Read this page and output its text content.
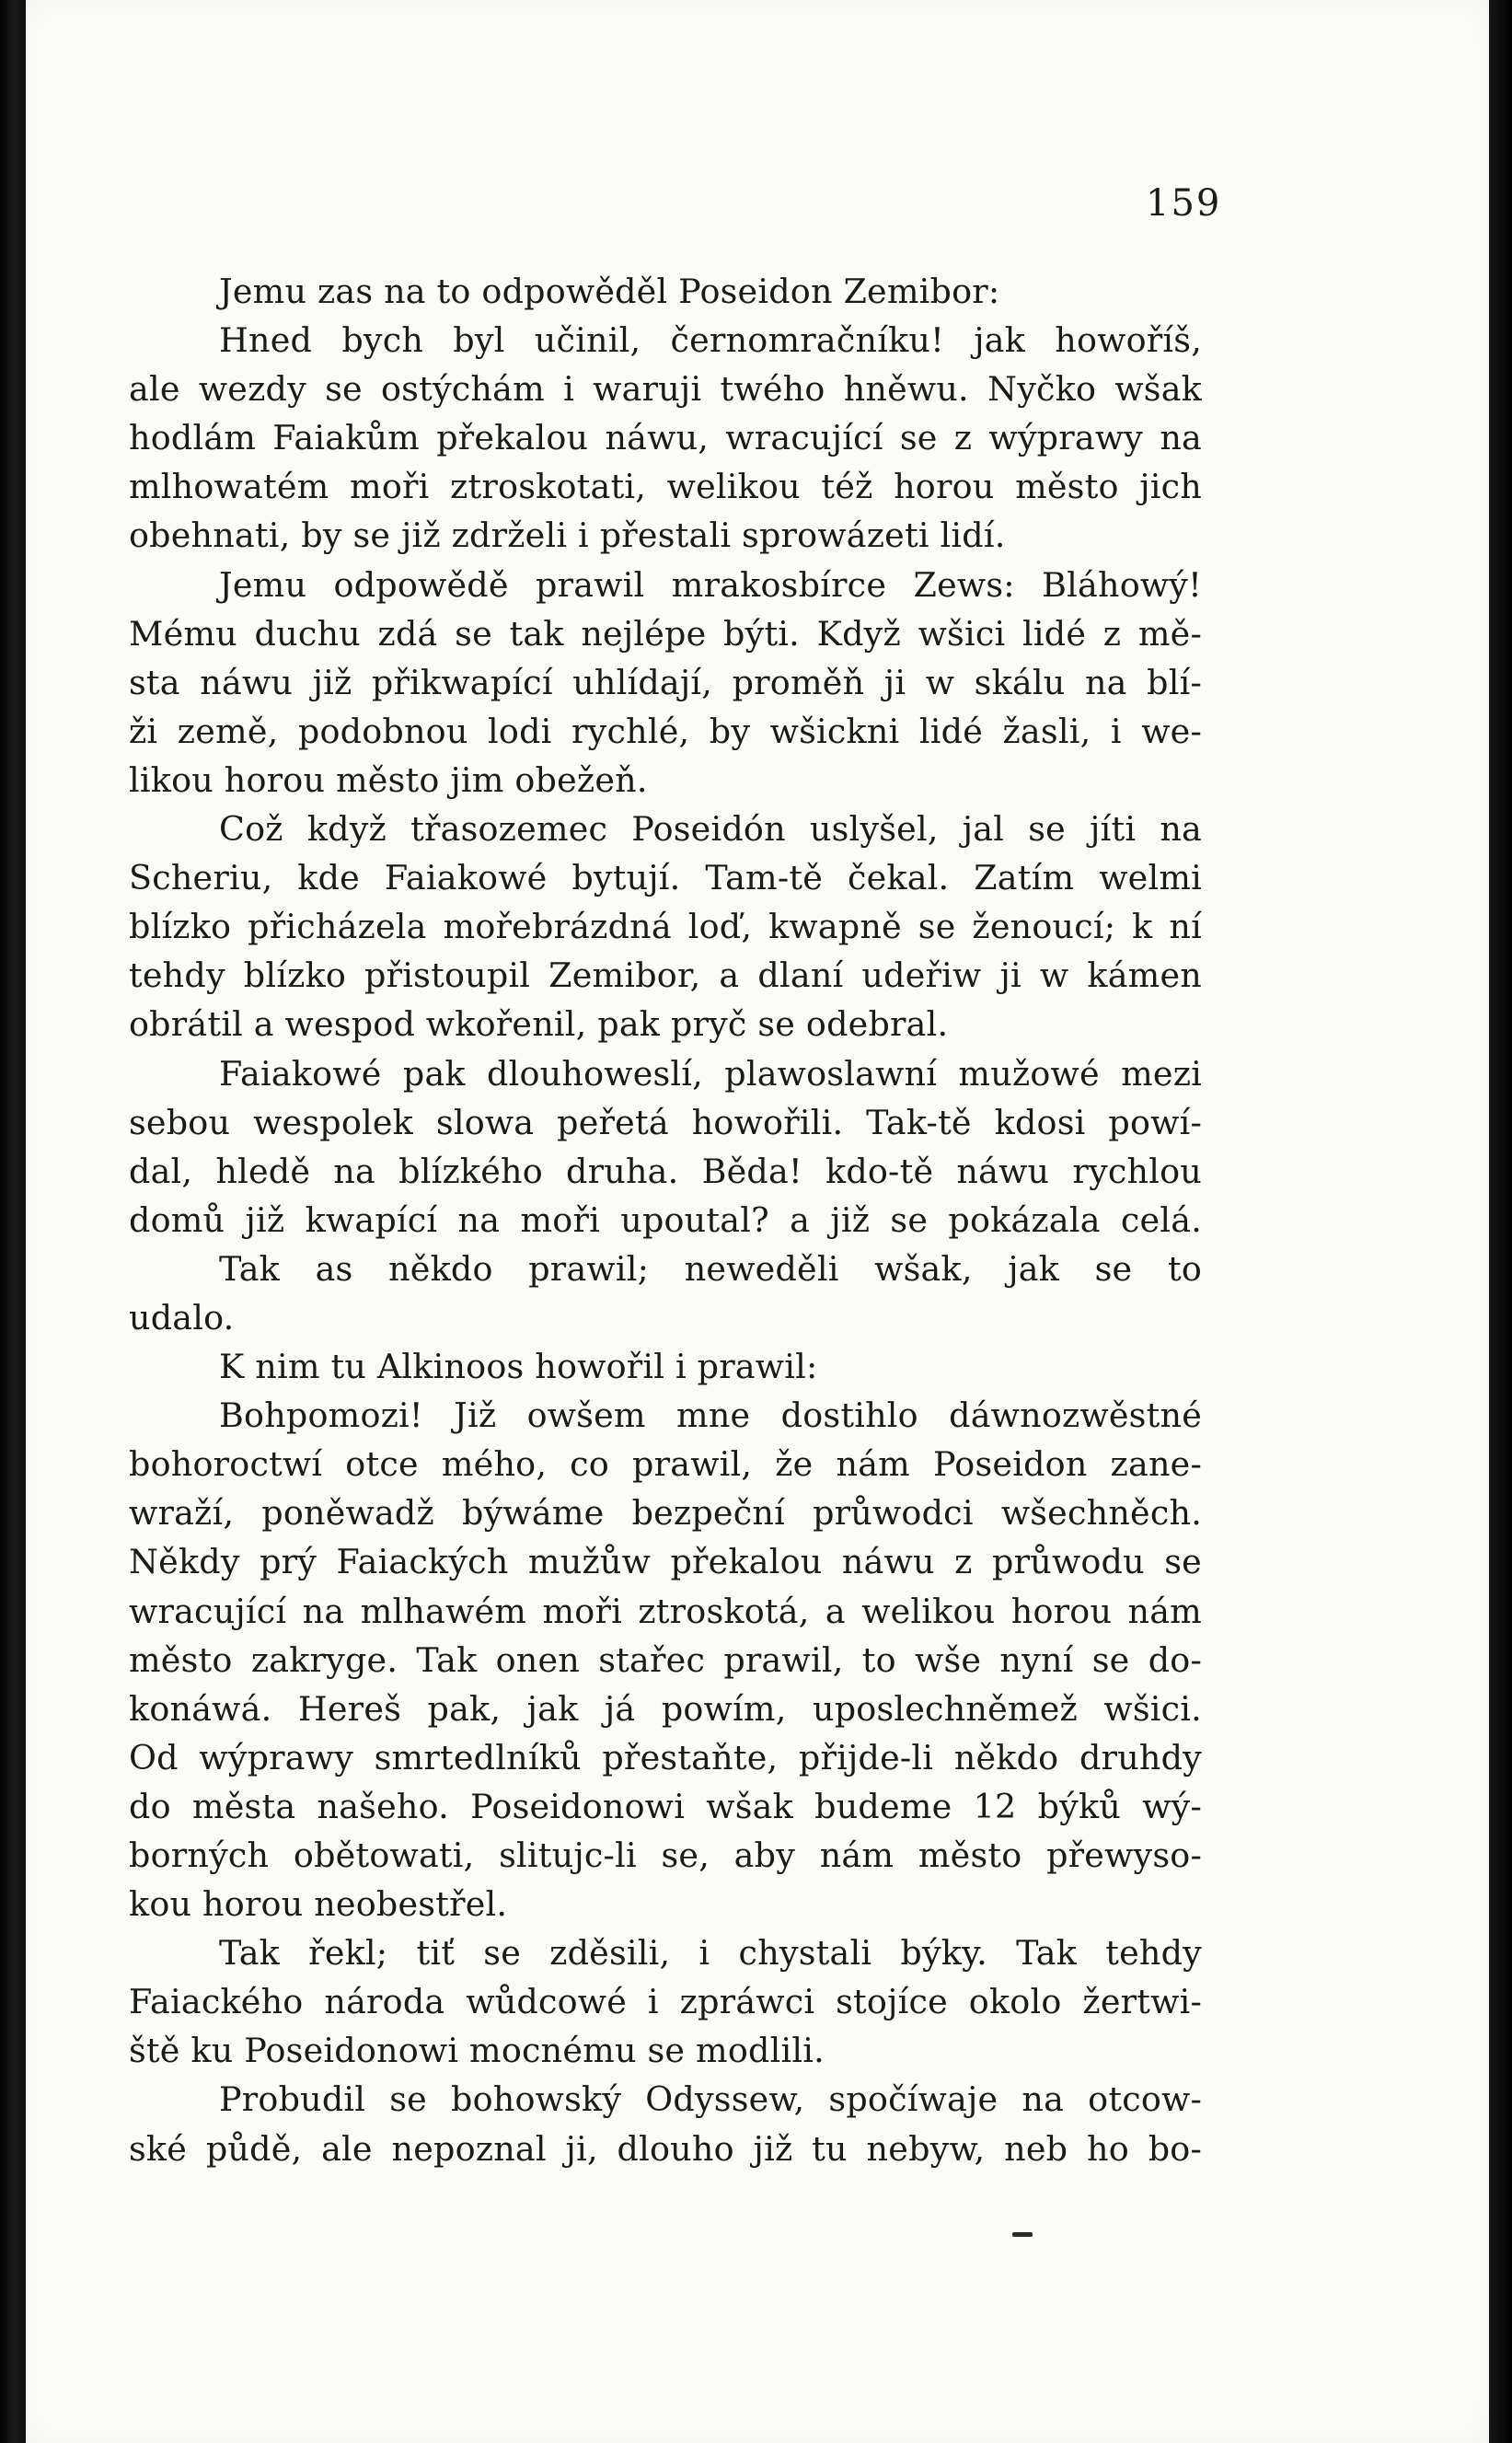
159
Jemu zas na to odpowěděl Poseidon Zemibor:
Hned bych byl učinil, černomračníku! jak howoříš,
ale wezdy se ostýchám i waruji twého hněwu. Nyčko wšak
hodlám Faiakům překalou náwu, wracující se z wýprawy na
mlhowatém moři ztroskotati, welikou též horou město jich
obehnati, by se již zdrželi i přestali sprowázeti lidí.
Jemu odpowědě prawil mrakosbírce Zews: Bláhowý!
Mému duchu zdá se tak nejlépe býti. Když wšici lidé z mě-
sta náwu již přikwapící uhlídají, proměň ji w skálu na blí-
ži země, podobnou lodi rychlé, by wšickni lidé žasli, i we-
likou horou město jim obežeň.
Což když třasozemec Poseidón uslyšel, jal se jíti na
Scheriu, kde Faiakowé bytují. Tam-tě čekal. Zatím welmi
blízko přicházela mořebrázdná loď, kwapně se ženoucí; k ní
tehdy blízko přistoupil Zemibor, a dlaní udeřiw ji w kámen
obrátil a wespod wkořenil, pak pryč se odebral.
Faiakowé pak dlouhoweslí, plawoslawní mužowé mezi
sebou wespolek slowa peřetá howořili. Tak-tě kdosi powí-
dal, hledě na blízkého druha. Běda! kdo-tě náwu rychlou
domů již kwapící na moři upoutal? a již se pokázala celá.
Tak as někdo prawil; neweděli wšak, jak se to
udalo.
K nim tu Alkinoos howořil i prawil:
Bohpomozi! Již owšem mne dostihlo dáwnozwěstné
bohoroctwí otce mého, co prawil, že nám Poseidon zane-
wraží, poněwadž býwáme bezpeční průwodci wšechněch.
Někdy prý Faiackých mužůw překalou náwu z průwodu se
wracující na mlhawém moři ztroskotá, a welikou horou nám
město zakryge. Tak onen stařec prawil, to wše nyní se do-
konáwá. Hereš pak, jak já powím, uposlechněmež wšici.
Od wýprawy smrtedlníků přestaňte, přijde-li někdo druhdy
do města našeho. Poseidonowi wšak budeme 12 býků wý-
borných obětowati, slitujc-li se, aby nám město přewyso-
kou horou neobestřel.
Tak řekl; tiť se zděsili, i chystali býky. Tak tehdy
Faiackého národa wůdcowé i zpráwci stojíce okolo žertwi-
ště ku Poseidonowi mocnému se modlili.
Probudil se bohowský Odyssew, spočíwaje na otcow-
ské půdě, ale nepoznal ji, dlouho již tu nebyw, neb ho bo-
